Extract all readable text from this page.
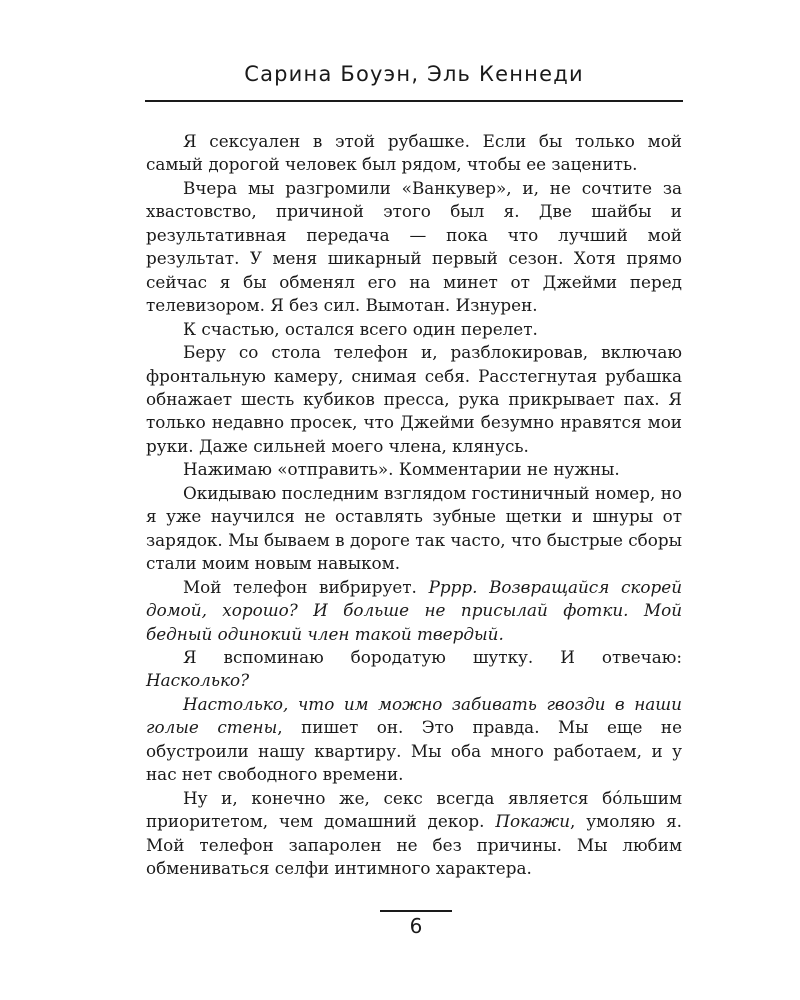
Сарина Боуэн, Эль Кеннеди

Я сексуален в этой рубашке. Если бы только мой самый дорогой человек был рядом, чтобы ее заценить.

Вчера мы разгромили «Ванкувер», и, не сочтите за хвастовство, причиной этого был я. Две шайбы и результативная передача — пока что лучший мой результат. У меня шикарный первый сезон. Хотя прямо сейчас я бы обменял его на минет от Джейми перед телевизором. Я без сил. Вымотан. Изнурен.

К счастью, остался всего один перелет.

Беру со стола телефон и, разблокировав, включаю фронтальную камеру, снимая себя. Расстегнутая рубашка обнажает шесть кубиков пресса, рука прикрывает пах. Я только недавно просек, что Джейми безумно нравятся мои руки. Даже сильней моего члена, клянусь.

Нажимаю «отправить». Комментарии не нужны.

Окидываю последним взглядом гостиничный номер, но я уже научился не оставлять зубные щетки и шнуры от зарядок. Мы бываем в дороге так часто, что быстрые сборы стали моим новым навыком.

Мой телефон вибрирует. Рррр. Возвращайся скорей домой, хорошо? И больше не присылай фотки. Мой бедный одинокий член такой твердый.

Я вспоминаю бородатую шутку. И отвечаю: Насколько?

Настолько, что им можно забивать гвозди в наши голые стены, пишет он. Это правда. Мы еще не обустроили нашу квартиру. Мы оба много работаем, и у нас нет свободного времени.

Ну и, конечно же, секс всегда является бóльшим приоритетом, чем домашний декор. Покажи, умоляю я. Мой телефон запаролен не без причины. Мы любим обмениваться селфи интимного характера.

6
